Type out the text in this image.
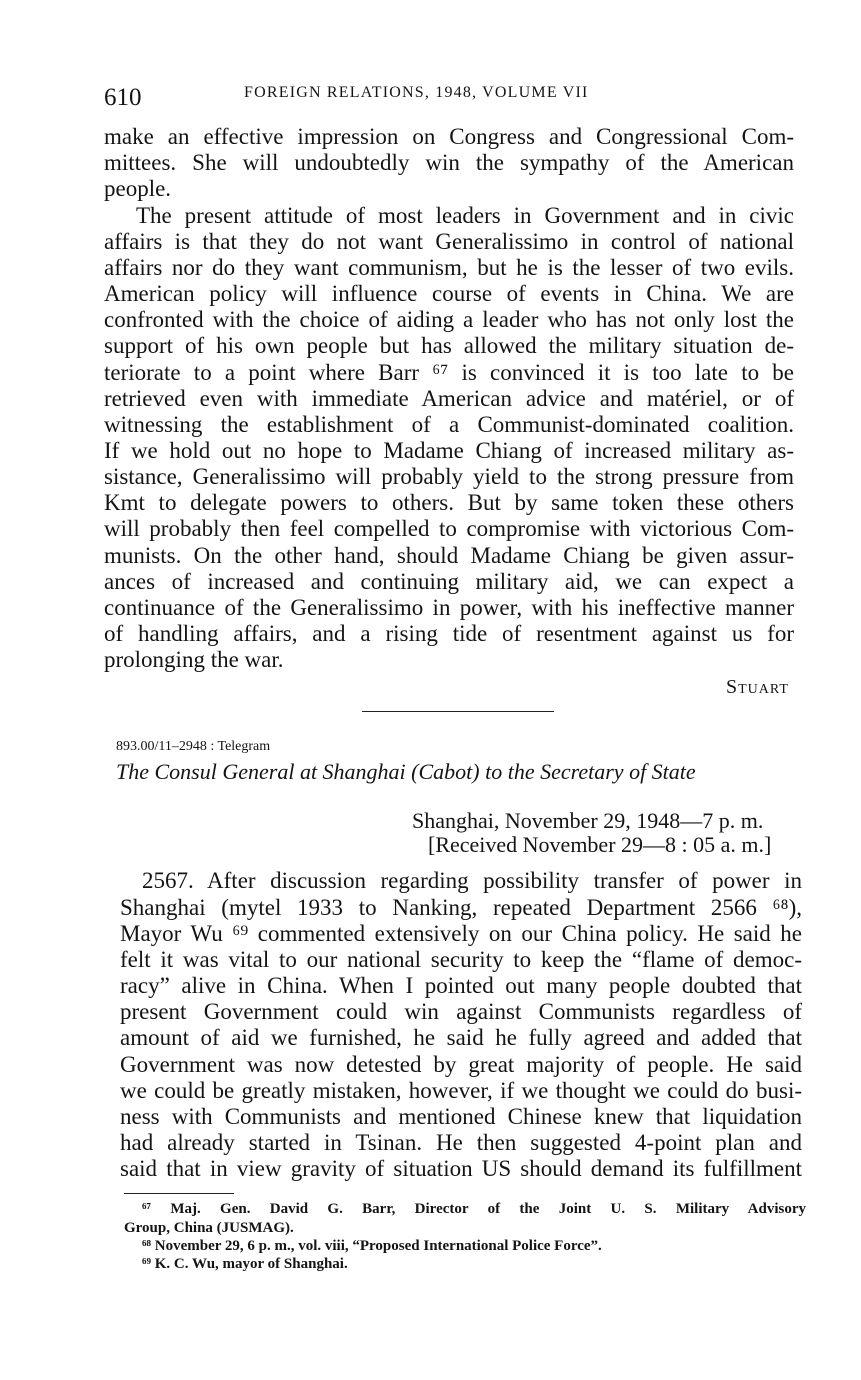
610	FOREIGN RELATIONS, 1948, VOLUME VII
make an effective impression on Congress and Congressional Com-
mittees. She will undoubtedly win the sympathy of the American
people.
The present attitude of most leaders in Government and in civic
affairs is that they do not want Generalissimo in control of national
affairs nor do they want communism, but he is the lesser of two evils.
American policy will influence course of events in China. We are
confronted with the choice of aiding a leader who has not only lost the
support of his own people but has allowed the military situation de-
teriorate to a point where Barr ⁶⁷ is convinced it is too late to be
retrieved even with immediate American advice and matériel, or of
witnessing the establishment of a Communist-dominated coalition.
If we hold out no hope to Madame Chiang of increased military as-
sistance, Generalissimo will probably yield to the strong pressure from
Kmt to delegate powers to others. But by same token these others
will probably then feel compelled to compromise with victorious Com-
munists. On the other hand, should Madame Chiang be given assur-
ances of increased and continuing military aid, we can expect a
continuance of the Generalissimo in power, with his ineffective manner
of handling affairs, and a rising tide of resentment against us for
prolonging the war.
Stuart
893.00/11–2948 : Telegram
The Consul General at Shanghai (Cabot) to the Secretary of State
Shanghai, November 29, 1948—7 p. m.
[Received November 29—8 : 05 a. m.]
2567. After discussion regarding possibility transfer of power in
Shanghai (mytel 1933 to Nanking, repeated Department 2566 ⁶⁸),
Mayor Wu ⁶⁹ commented extensively on our China policy. He said he
felt it was vital to our national security to keep the “flame of democ-
racy” alive in China. When I pointed out many people doubted that
present Government could win against Communists regardless of
amount of aid we furnished, he said he fully agreed and added that
Government was now detested by great majority of people. He said
we could be greatly mistaken, however, if we thought we could do busi-
ness with Communists and mentioned Chinese knew that liquidation
had already started in Tsinan. He then suggested 4-point plan and
said that in view gravity of situation US should demand its fulfillment
⁶⁷ Maj. Gen. David G. Barr, Director of the Joint U. S. Military Advisory
Group, China (JUSMAG).
⁶⁸ November 29, 6 p. m., vol. viii, “Proposed International Police Force”.
⁶⁹ K. C. Wu, mayor of Shanghai.
